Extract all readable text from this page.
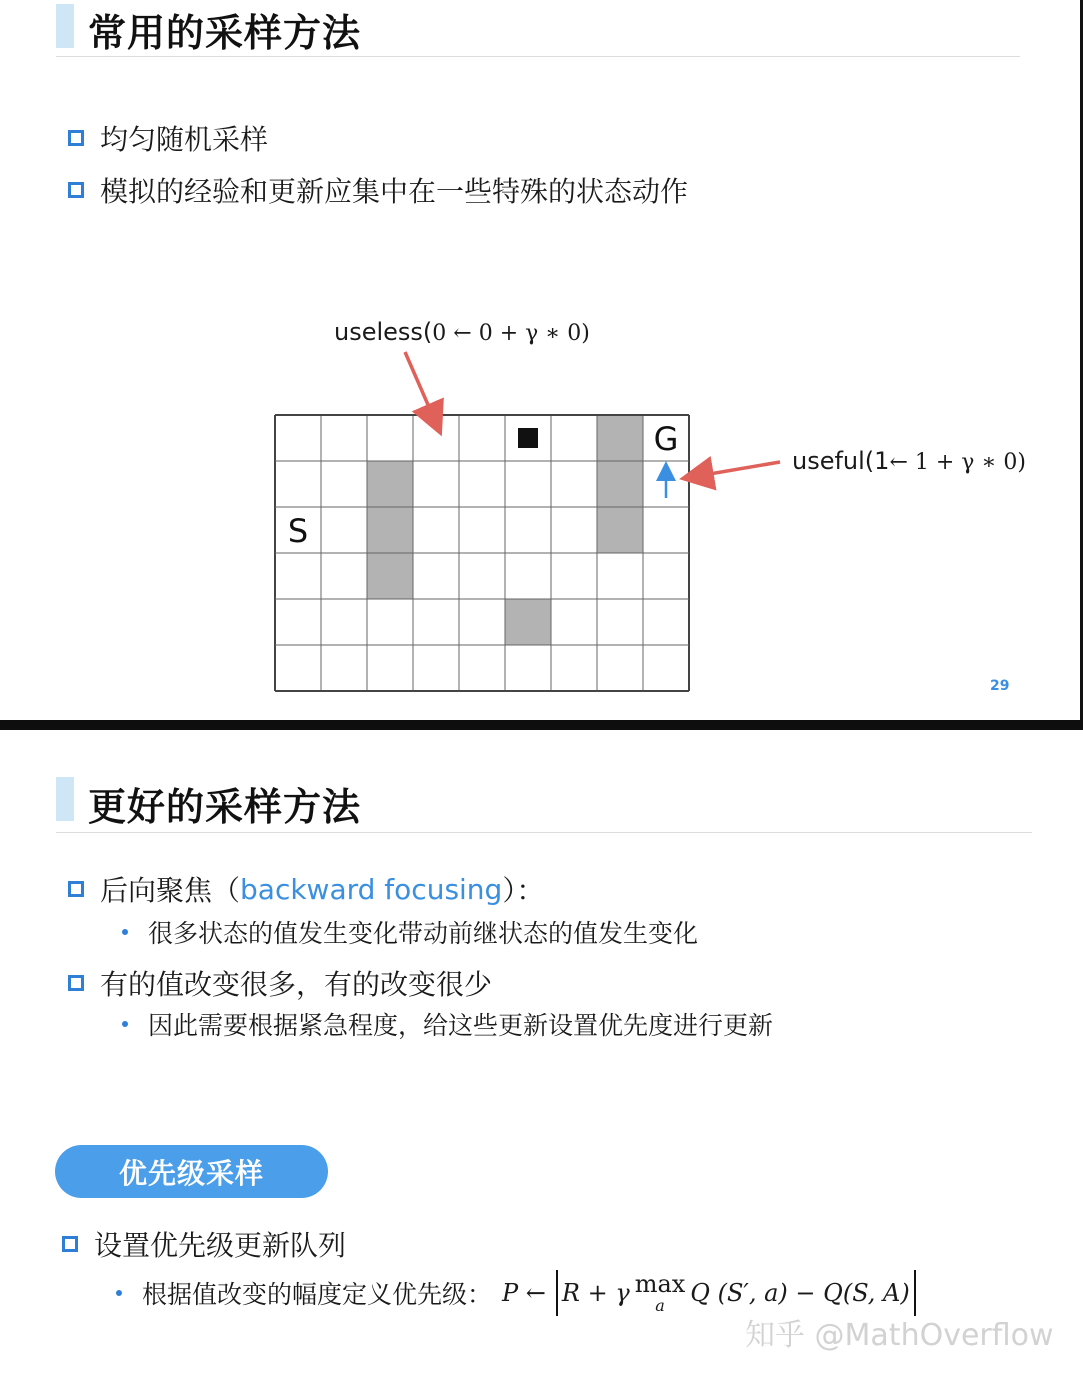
常用的采样方法
均匀随机采样
模拟的经验和更新应集中在一些特殊的状态动作
useless(0 ← 0 + γ ∗ 0)
useful(1← 1 + γ ∗ 0)
S
G
29
更好的采样方法
后向聚焦（ backward focusing ）：
很多状态的值发生变化带动前继状态的值发生变化
有的值改变很多，有的改变很少
因此需要根据紧急程度，给这些更新设置优先度进行更新
优先级采样
设置优先级更新队列
根据值改变的幅度定义优先级： P ← R + γ max
a Q (S′, a) − Q(S, A)
知乎 @MathOverflow
